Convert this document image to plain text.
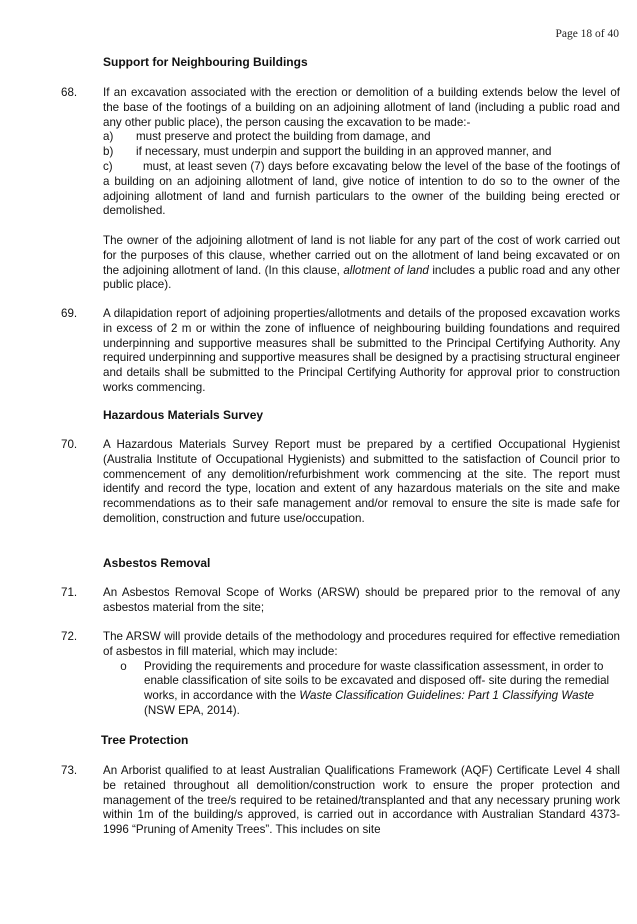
Page 18 of 40
Support for Neighbouring Buildings
68. If an excavation associated with the erection or demolition of a building extends below the level of the base of the footings of a building on an adjoining allotment of land (including a public road and any other public place), the person causing the excavation to be made:-

a)	must preserve and protect the building from damage, and
b)	if necessary, must underpin and support the building in an approved manner, and

c)	must, at least seven (7) days before excavating below the level of the base of the footings of a building on an adjoining allotment of land, give notice of intention to do so to the owner of the adjoining allotment of land and furnish particulars to the owner of the building being erected or demolished.

The owner of the adjoining allotment of land is not liable for any part of the cost of work carried out for the purposes of this clause, whether carried out on the allotment of land being excavated or on the adjoining allotment of land. (In this clause, allotment of land includes a public road and any other public place).

69. A dilapidation report of adjoining properties/allotments and details of the proposed excavation works in excess of 2 m or within the zone of influence of neighbouring building foundations and required underpinning and supportive measures shall be submitted to the Principal Certifying Authority. Any required underpinning and supportive measures shall be designed by a practising structural engineer and details shall be submitted to the Principal Certifying Authority for approval prior to construction works commencing.

Hazardous Materials Survey
70. A Hazardous Materials Survey Report must be prepared by a certified Occupational Hygienist (Australia Institute of Occupational Hygienists) and submitted to the satisfaction of Council prior to commencement of any demolition/refurbishment work commencing at the site. The report must identify and record the type, location and extent of any hazardous materials on the site and make recommendations as to their safe management and/or removal to ensure the site is made safe for demolition, construction and future use/occupation.

Asbestos Removal
71. An Asbestos Removal Scope of Works (ARSW) should be prepared prior to the removal of any asbestos material from the site;

72. The ARSW will provide details of the methodology and procedures required for effective remediation of asbestos in fill material, which may include:

o	Providing the requirements and procedure for waste classification assessment, in order to enable classification of site soils to be excavated and disposed off- site during the remedial works, in accordance with the Waste Classification Guidelines: Part 1 Classifying Waste (NSW EPA, 2014).
Tree Protection
73. An Arborist qualified to at least Australian Qualifications Framework (AQF) Certificate Level 4 shall be retained throughout all demolition/construction work to ensure the proper protection and management of the tree/s required to be retained/transplanted and that any necessary pruning work within 1m of the building/s approved, is carried out in accordance with Australian Standard 4373-1996 “Pruning of Amenity Trees”. This includes on site
